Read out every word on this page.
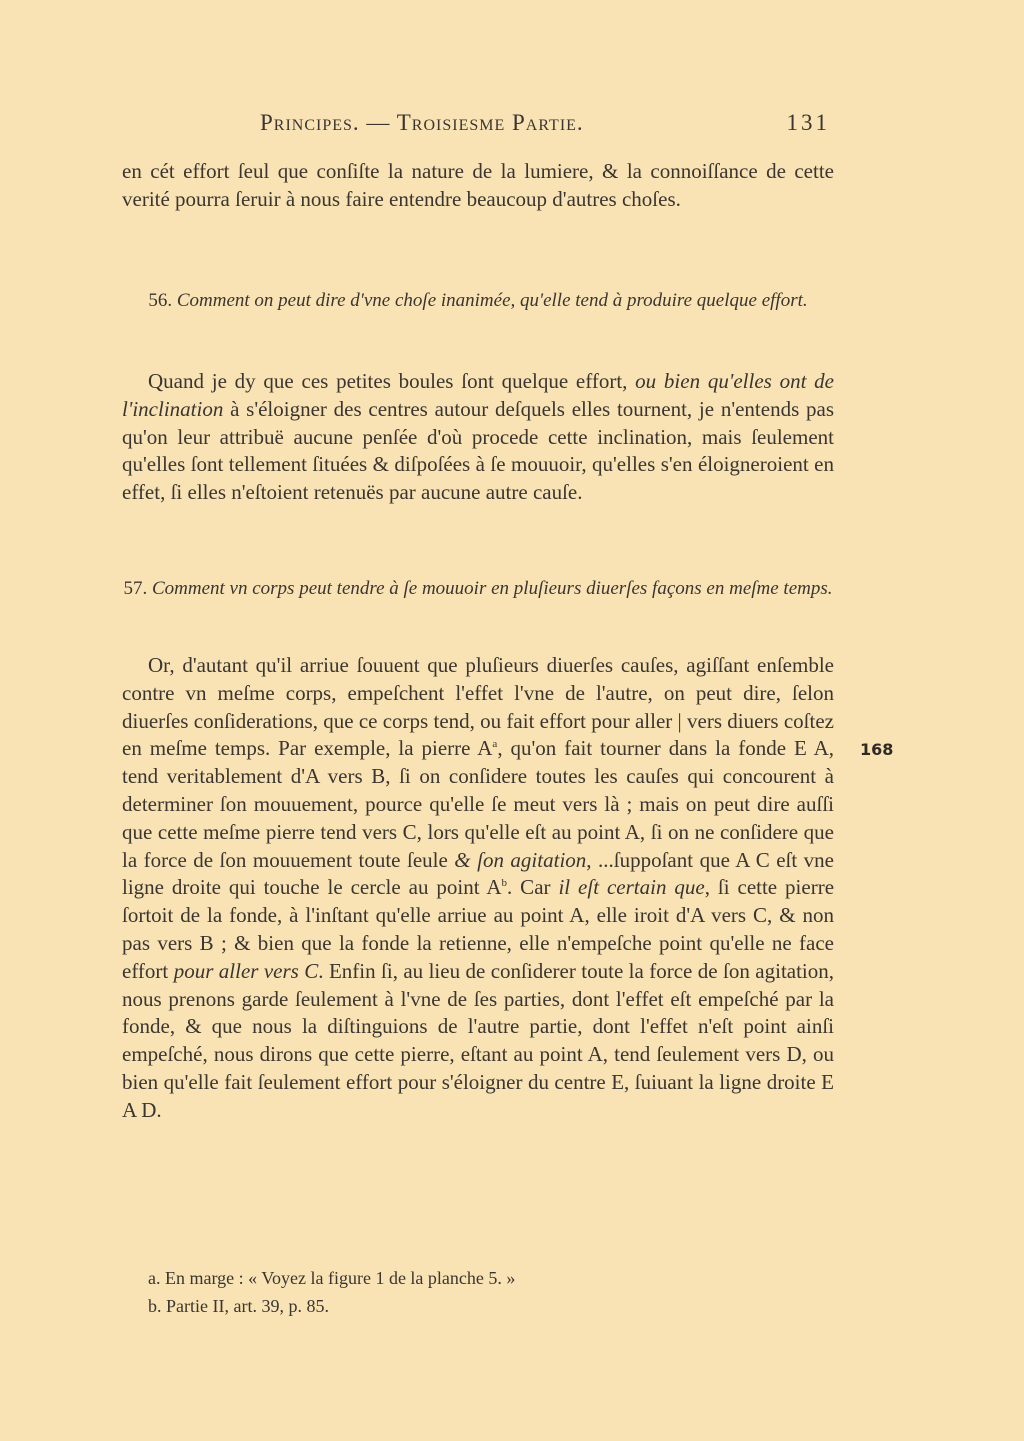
Principes. — Troisiesme Partie.	131

en cét effort ſeul que conſiſte la nature de la lumiere, & la connoiſſance de cette verité pourra ſeruir à nous faire entendre beaucoup d'autres choſes.

56. Comment on peut dire d'vne choſe inanimée, qu'elle tend à produire quelque effort.

Quand je dy que ces petites boules ſont quelque effort, ou bien qu'elles ont de l'inclination à s'éloigner des centres autour deſquels elles tournent, je n'entends pas qu'on leur attribuë aucune penſée d'où procede cette inclination, mais ſeulement qu'elles ſont tellement ſituées & diſpoſées à ſe mouuoir, qu'elles s'en éloigneroient en effet, ſi elles n'eſtoient retenuës par aucune autre cauſe.

57. Comment vn corps peut tendre à ſe mouuoir en pluſieurs diuerſes façons en meſme temps.

Or, d'autant qu'il arriue ſouuent que pluſieurs diuerſes cauſes, agiſſant enſemble contre vn meſme corps, empeſchent l'effet l'vne de l'autre, on peut dire, ſelon diuerſes conſiderations, que ce corps tend, ou fait effort pour aller | vers diuers coſtez en meſme temps. Par exemple, la pierre $A^a$, qu'on fait tourner dans la fonde E A, tend veritablement d'A vers B, ſi on conſidere toutes les cauſes qui concourent à determiner ſon mouuement, pource qu'elle ſe meut vers là ; mais on peut dire auſſi que cette meſme pierre tend vers C, lors qu'elle eſt au point A, ſi on ne conſidere que la force de ſon mouuement toute ſeule & ſon agitation, ...ſuppoſant que A C eſt vne ligne droite qui touche le cercle au point $A^b$. Car il eſt certain que, ſi cette pierre ſortoit de la fonde, à l'inſtant qu'elle arriue au point A, elle iroit d'A vers C, & non pas vers B ; & bien que la fonde la retienne, elle n'empeſche point qu'elle ne face effort pour aller vers C. Enfin ſi, au lieu de conſiderer toute la force de ſon agitation, nous prenons garde ſeulement à l'vne de ſes parties, dont l'effet eſt empeſché par la fonde, & que nous la diſtinguions de l'autre partie, dont l'effet n'eſt point ainſi empeſché, nous dirons que cette pierre, eſtant au point A, tend ſeulement vers D, ou bien qu'elle fait ſeulement effort pour s'éloigner du centre E, ſuiuant la ligne droite E A D.

168
a. En marge : « Voyez la figure 1 de la planche 5. »
b. Partie II, art. 39, p. 85.
